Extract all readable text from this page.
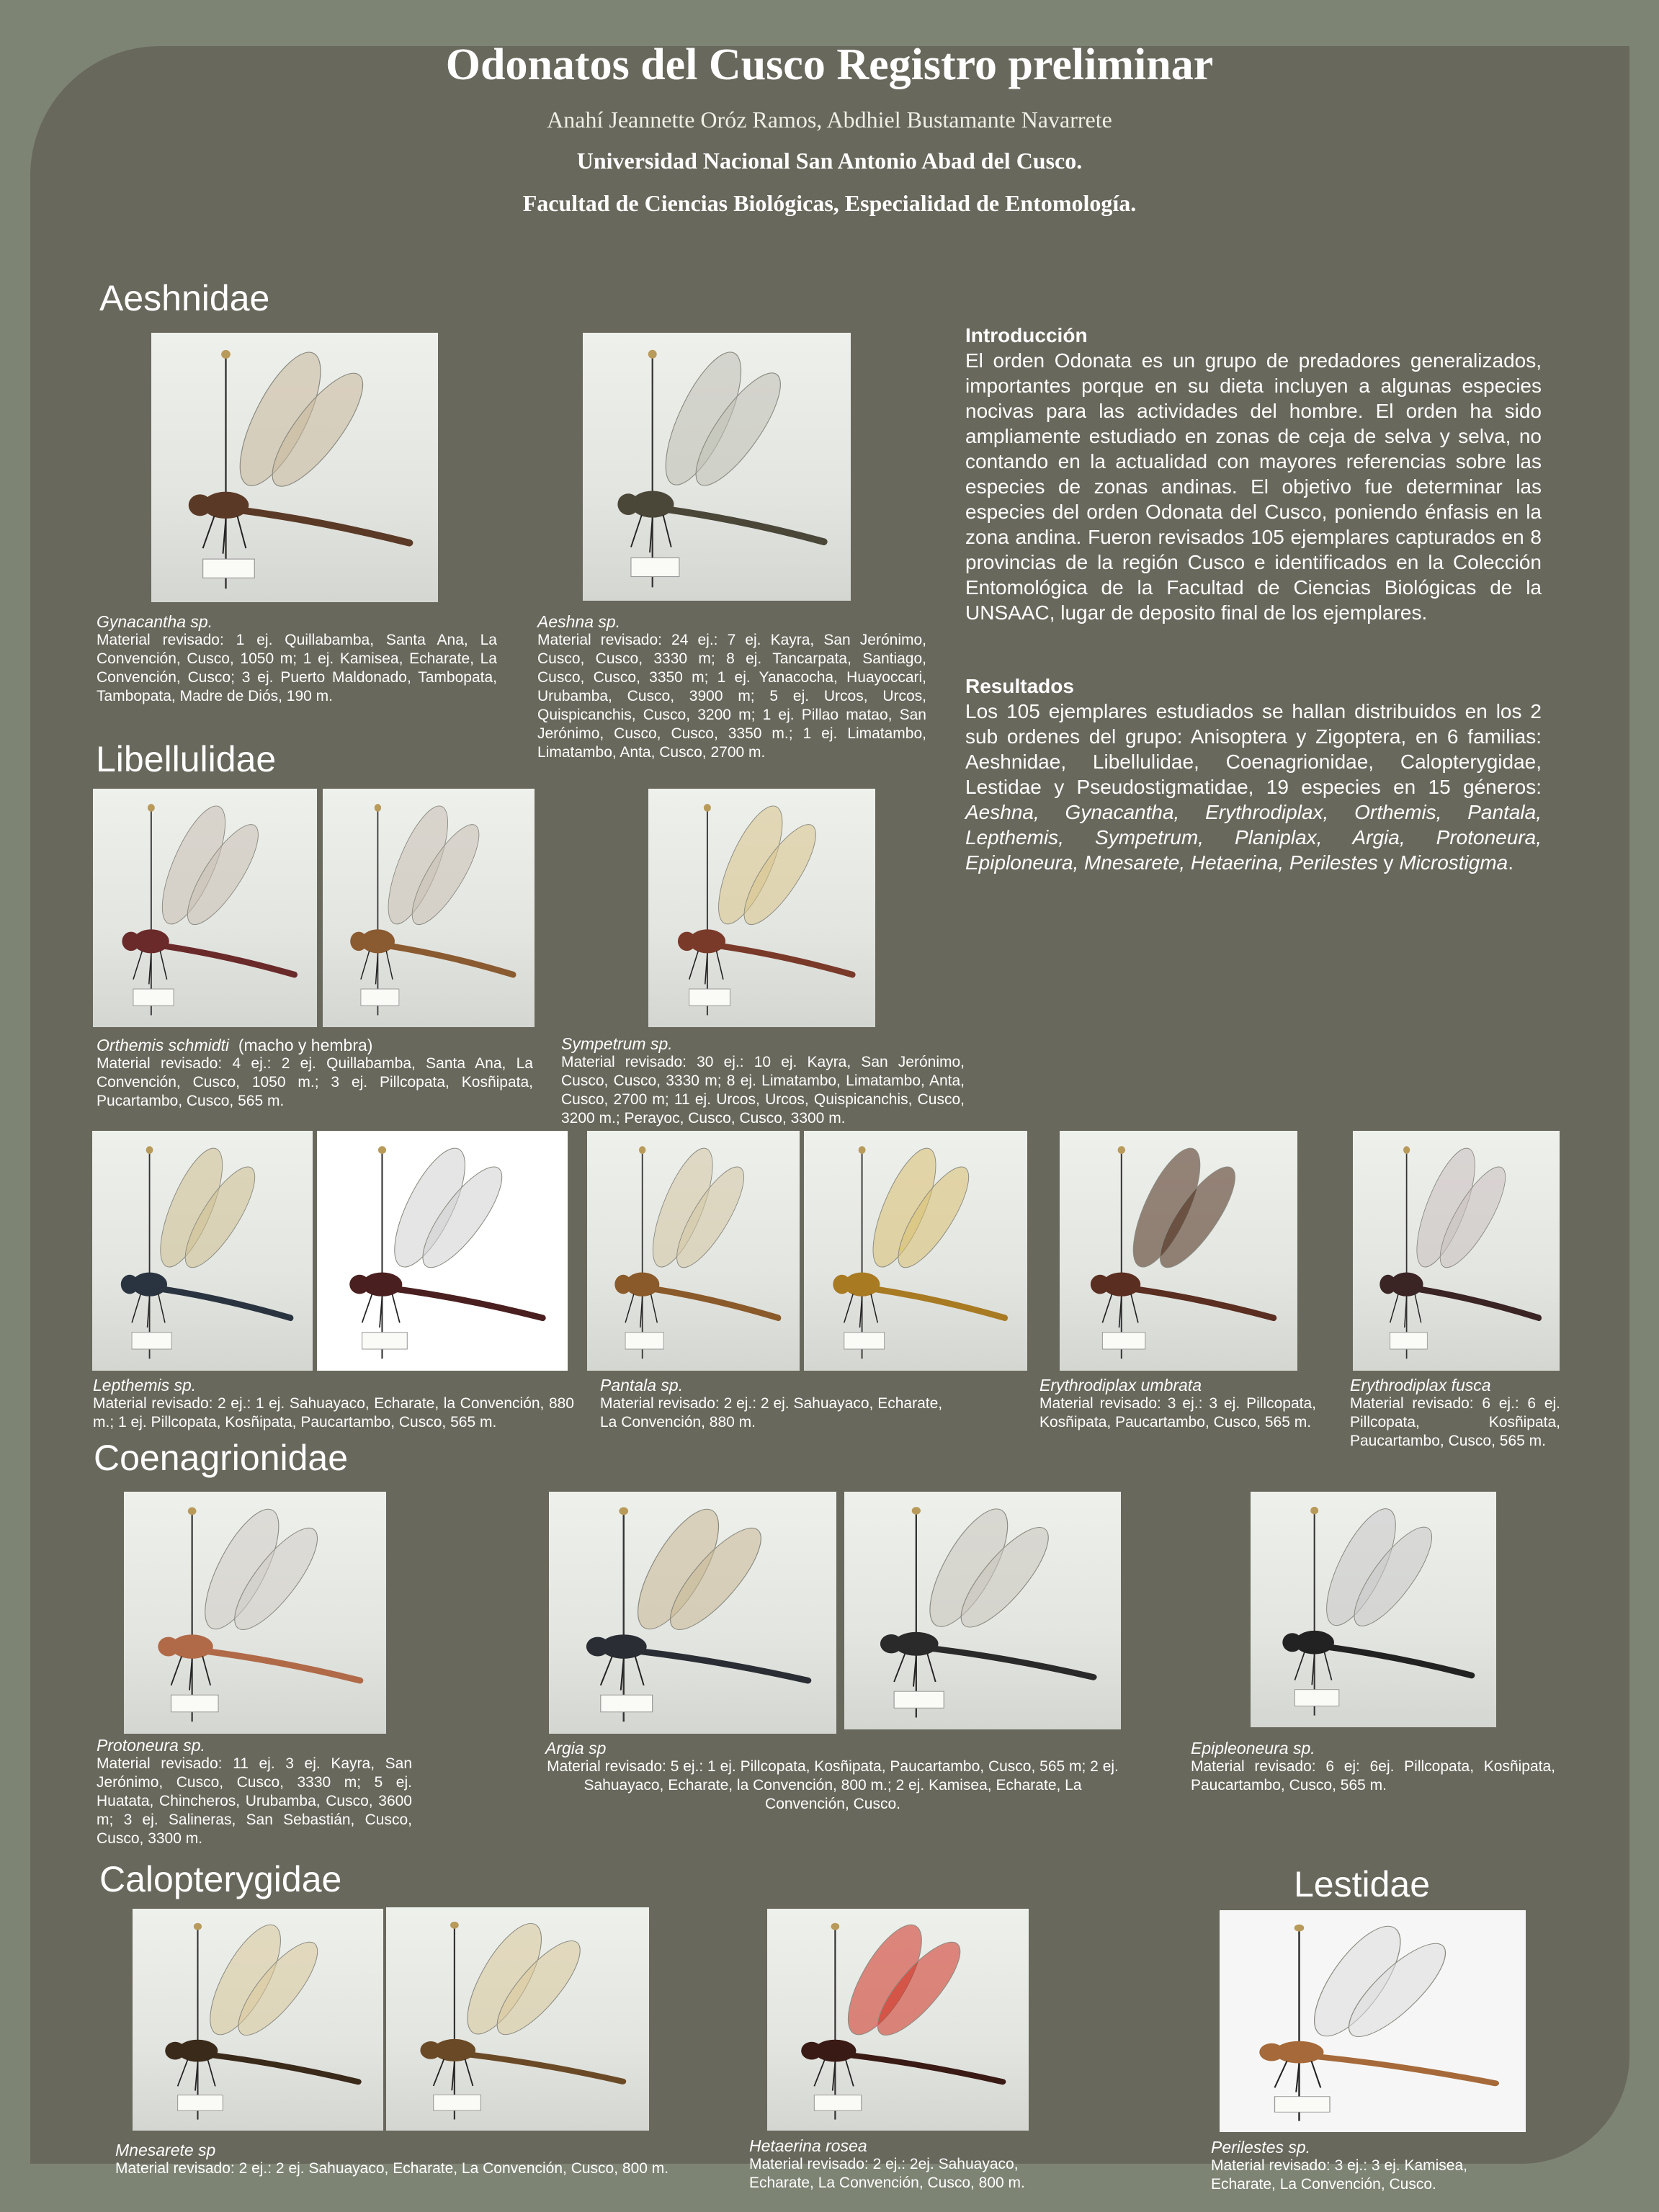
Odonatos del Cusco Registro preliminar
Anahí Jeannette Oróz Ramos, Abdhiel Bustamante Navarrete
Universidad Nacional San Antonio Abad del Cusco.
Facultad de Ciencias Biológicas, Especialidad de Entomología.
Aeshnidae
Libellulidae
Coenagrionidae
Calopterygidae	Lestidae
Gynacantha sp.
Material revisado: 1 ej. Quillabamba, Santa Ana, La Convención, Cusco, 1050 m; 1 ej. Kamisea, Echarate, La Convención, Cusco; 3 ej. Puerto Maldonado, Tambopata, Tambopata, Madre de Diós, 190 m.
Aeshna sp.
Material revisado: 24 ej.: 7 ej. Kayra, San Jerónimo, Cusco, Cusco, 3330 m; 8 ej. Tancarpata, Santiago, Cusco, Cusco, 3350 m; 1 ej. Yanacocha, Huayoccari, Urubamba, Cusco, 3900 m; 5 ej. Urcos, Urcos, Quispicanchis, Cusco, 3200 m; 1 ej. Pillao matao, San Jerónimo, Cusco, Cusco, 3350 m.; 1 ej. Limatambo, Limatambo, Anta, Cusco, 2700 m.
Orthemis schmidti (macho y hembra)
Material revisado: 4 ej.: 2 ej. Quillabamba, Santa Ana, La Convención, Cusco, 1050 m.; 3 ej. Pillcopata, Kosñipata, Pucartambo, Cusco, 565 m.
Sympetrum sp.
Material revisado: 30 ej.: 10 ej. Kayra, San Jerónimo, Cusco, Cusco, 3330 m; 8 ej. Limatambo, Limatambo, Anta, Cusco, 2700 m; 11 ej. Urcos, Urcos, Quispicanchis, Cusco, 3200 m.; Perayoc, Cusco, Cusco, 3300 m.
Lepthemis sp.
Material revisado: 2 ej.: 1 ej. Sahuayaco, Echarate, la Convención, 880 m.; 1 ej. Pillcopata, Kosñipata, Paucartambo, Cusco, 565 m.
Pantala sp.
Material revisado: 2 ej.: 2 ej. Sahuayaco, Echarate, La Convención, 880 m.
Erythrodiplax umbrata
Material revisado: 3 ej.: 3 ej. Pillcopata, Kosñipata, Paucartambo, Cusco, 565 m.
Erythrodiplax fusca
Material revisado: 6 ej.: 6 ej. Pillcopata, Kosñipata, Paucartambo, Cusco, 565 m.
Protoneura sp.
Material revisado: 11 ej. 3 ej. Kayra, San Jerónimo, Cusco, Cusco, 3330 m; 5 ej. Huatata, Chincheros, Urubamba, Cusco, 3600 m; 3 ej. Salineras, San Sebastián, Cusco, Cusco, 3300 m.
Argia sp
Material revisado: 5 ej.: 1 ej. Pillcopata, Kosñipata, Paucartambo, Cusco, 565 m; 2 ej. Sahuayaco, Echarate, la Convención, 800 m.; 2 ej. Kamisea, Echarate, La Convención, Cusco.
Epipleoneura sp.
Material revisado: 6 ej: 6ej. Pillcopata, Kosñipata, Paucartambo, Cusco, 565 m.
Mnesarete sp
Material revisado: 2 ej.: 2 ej. Sahuayaco, Echarate, La Convención, Cusco, 800 m.
Hetaerina rosea
Material revisado: 2 ej.: 2ej. Sahuayaco, Echarate, La Convención, Cusco, 800 m.
Perilestes sp.
Material revisado: 3 ej.: 3 ej. Kamisea, Echarate, La Convención, Cusco.
Introducción
El orden Odonata es un grupo de predadores generalizados, importantes porque en su dieta incluyen a algunas especies nocivas para las actividades del hombre. El orden ha sido ampliamente estudiado en zonas de ceja de selva y selva, no contando en la actualidad con mayores referencias sobre las especies de zonas andinas. El objetivo fue determinar las especies del orden Odonata del Cusco, poniendo énfasis en la zona andina. Fueron revisados 105 ejemplares capturados en 8 provincias de la región Cusco e identificados en la Colección Entomológica de la Facultad de Ciencias Biológicas de la UNSAAC, lugar de deposito final de los ejemplares.
Resultados
Los 105 ejemplares estudiados se hallan distribuidos en los 2 sub ordenes del grupo: Anisoptera y Zigoptera, en 6 familias: Aeshnidae, Libellulidae, Coenagrionidae, Calopterygidae, Lestidae y Pseudostigmatidae, 19 especies en 15 géneros: Aeshna, Gynacantha, Erythrodiplax, Orthemis, Pantala, Lepthemis, Sympetrum, Planiplax, Argia, Protoneura, Epiploneura, Mnesarete, Hetaerina, Perilestes y Microstigma.
